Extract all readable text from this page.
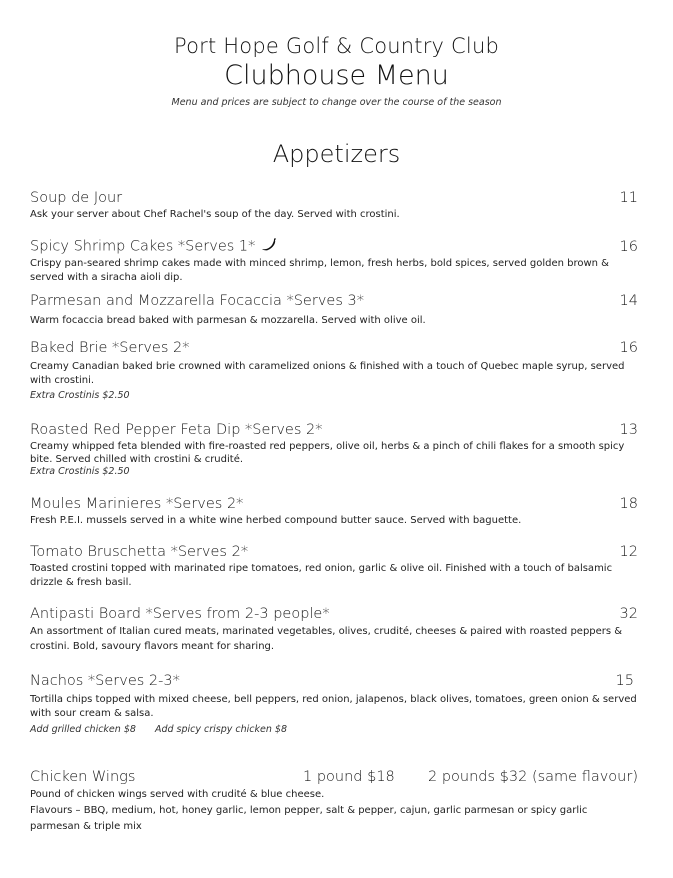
Port Hope Golf & Country Club
Clubhouse Menu
Menu and prices are subject to change over the course of the season
Appetizers
Soup de Jour	11
Ask your server about Chef Rachel's soup of the day. Served with crostini.
Spicy Shrimp Cakes *Serves 1*	16
Crispy pan-seared shrimp cakes made with minced shrimp, lemon, fresh herbs, bold spices, served golden brown & served with a siracha aioli dip.
Parmesan and Mozzarella Focaccia *Serves 3*	14
Warm focaccia bread baked with parmesan & mozzarella. Served with olive oil.
Baked Brie *Serves 2*	16
Creamy Canadian baked brie crowned with caramelized onions & finished with a touch of Quebec maple syrup, served with crostini.
Extra Crostinis $2.50
Roasted Red Pepper Feta Dip *Serves 2*	13
Creamy whipped feta blended with fire-roasted red peppers, olive oil, herbs & a pinch of chili flakes for a smooth spicy bite. Served chilled with crostini & crudité.
Extra Crostinis $2.50
Moules Marinieres *Serves 2*	18
Fresh P.E.I. mussels served in a white wine herbed compound butter sauce. Served with baguette.
Tomato Bruschetta *Serves 2*	12
Toasted crostini topped with marinated ripe tomatoes, red onion, garlic & olive oil. Finished with a touch of balsamic drizzle & fresh basil.
Antipasti Board *Serves from 2-3 people*	32
An assortment of Italian cured meats, marinated vegetables, olives, crudité, cheeses & paired with roasted peppers & crostini. Bold, savoury flavors meant for sharing.
Nachos *Serves 2-3*	15
Tortilla chips topped with mixed cheese, bell peppers, red onion, jalapenos, black olives, tomatoes, green onion & served with sour cream & salsa.
Add grilled chicken $8 Add spicy crispy chicken $8
Chicken Wings	1 pound $18 2 pounds $32 (same flavour)
Pound of chicken wings served with crudité & blue cheese.
Flavours – BBQ, medium, hot, honey garlic, lemon pepper, salt & pepper, cajun, garlic parmesan or spicy garlic parmesan & triple mix
